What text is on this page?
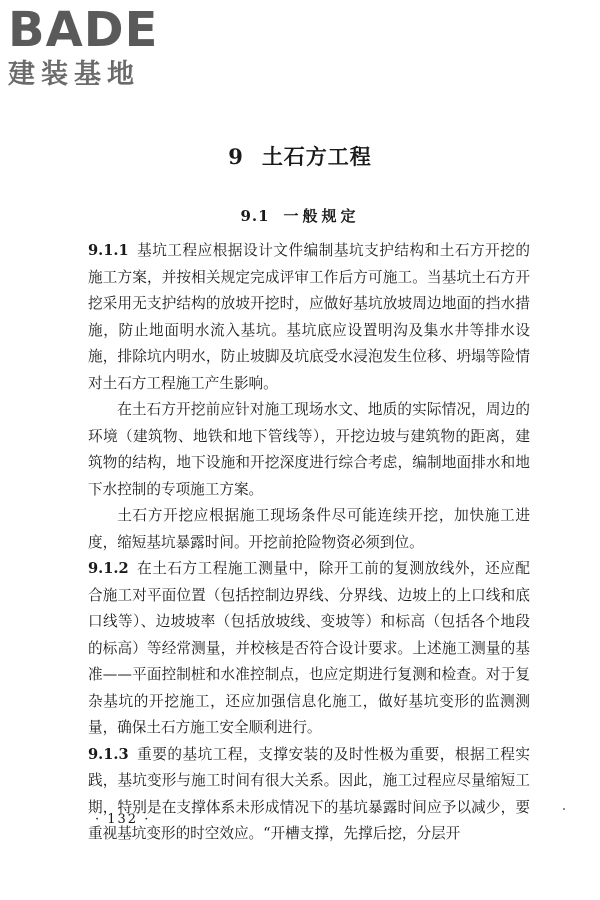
BADE
建装基地
9 土石方工程
9.1 一般规定

9.1.1 基坑工程应根据设计文件编制基坑支护结构和土石方开挖的施工方案，并按相关规定完成评审工作后方可施工。当基坑土石方开挖采用无支护结构的放坡开挖时，应做好基坑放坡周边地面的挡水措施，防止地面明水流入基坑。基坑底应设置明沟及集水井等排水设施，排除坑内明水，防止坡脚及坑底受水浸泡发生位移、坍塌等险情对土石方工程施工产生影响。

在土石方开挖前应针对施工现场水文、地质的实际情况，周边的环境（建筑物、地铁和地下管线等），开挖边坡与建筑物的距离，建筑物的结构，地下设施和开挖深度进行综合考虑，编制地面排水和地下水控制的专项施工方案。

土石方开挖应根据施工现场条件尽可能连续开挖，加快施工进度，缩短基坑暴露时间。开挖前抢险物资必须到位。

9.1.2 在土石方工程施工测量中，除开工前的复测放线外，还应配合施工对平面位置（包括控制边界线、分界线、边坡上的上口线和底口线等）、边坡坡率（包括放坡线、变坡等）和标高（包括各个地段的标高）等经常测量，并校核是否符合设计要求。上述施工测量的基准——平面控制桩和水准控制点，也应定期进行复测和检查。对于复杂基坑的开挖施工，还应加强信息化施工，做好基坑变形的监测测量，确保土石方施工安全顺利进行。

9.1.3 重要的基坑工程，支撑安装的及时性极为重要，根据工程实践，基坑变形与施工时间有很大关系。因此，施工过程应尽量缩短工期，特别是在支撑体系未形成情况下的基坑暴露时间应予以减少，要重视基坑变形的时空效应。“开槽支撑，先撑后挖，分层开

· 132 ·
